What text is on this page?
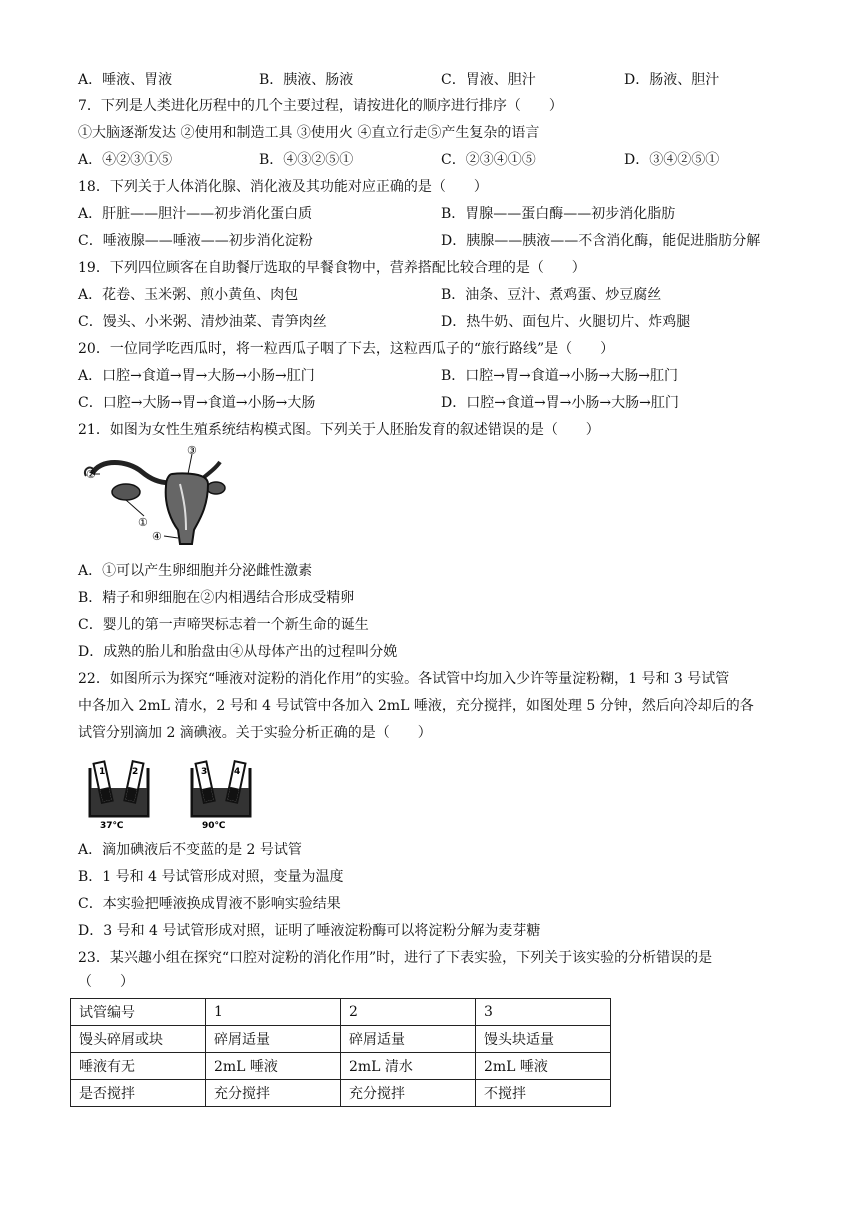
A．唾液、胃液	B．胰液、肠液	C．胃液、胆汁	D．肠液、胆汁
7．下列是人类进化历程中的几个主要过程，请按进化的顺序进行排序（　　）
①大脑逐渐发达 ②使用和制造工具 ③使用火 ④直立行走⑤产生复杂的语言
A．④②③①⑤	B．④③②⑤①	C．②③④①⑤	D．③④②⑤①
18．下列关于人体消化腺、消化液及其功能对应正确的是（　　）
A．肝脏——胆汁——初步消化蛋白质	B．胃腺——蛋白酶——初步消化脂肪
C．唾液腺——唾液——初步消化淀粉	D．胰腺——胰液——不含消化酶，能促进脂肪分解
19．下列四位顾客在自助餐厅选取的早餐食物中，营养搭配比较合理的是（　　）
A．花卷、玉米粥、煎小黄鱼、肉包	B．油条、豆汁、煮鸡蛋、炒豆腐丝
C．馒头、小米粥、清炒油菜、青笋肉丝	D．热牛奶、面包片、火腿切片、炸鸡腿
20．一位同学吃西瓜时，将一粒西瓜子咽了下去，这粒西瓜子的“旅行路线”是（　　）
A．口腔→食道→胃→大肠→小肠→肛门	B．口腔→胃→食道→小肠→大肠→肛门
C．口腔→大肠→胃→食道→小肠→大肠	D．口腔→食道→胃→小肠→大肠→肛门
21．如图为女性生殖系统结构模式图。下列关于人胚胎发育的叙述错误的是（　　）
②
③
①
④
A．①可以产生卵细胞并分泌雌性激素
B．精子和卵细胞在②内相遇结合形成受精卵
C．婴儿的第一声啼哭标志着一个新生命的诞生
D．成熟的胎儿和胎盘由④从母体产出的过程叫分娩
22．如图所示为探究“唾液对淀粉的消化作用”的实验。各试管中均加入少许等量淀粉糊，1 号和 3 号试管
中各加入 2mL 清水，2 号和 4 号试管中各加入 2mL 唾液，充分搅拌，如图处理 5 分钟，然后向冷却后的各
试管分别滴加 2 滴碘液。关于实验分析正确的是（　　）
1	2
37℃
3	4
90℃
A．滴加碘液后不变蓝的是 2 号试管
B．1 号和 4 号试管形成对照，变量为温度
C．本实验把唾液换成胃液不影响实验结果
D．3 号和 4 号试管形成对照，证明了唾液淀粉酶可以将淀粉分解为麦芽糖
23．某兴趣小组在探究“口腔对淀粉的消化作用”时，进行了下表实验，下列关于该实验的分析错误的是
（　　）
试管编号	1	2	3
馒头碎屑或块	碎屑适量	碎屑适量	馒头块适量
唾液有无	2mL 唾液	2mL 清水	2mL 唾液
是否搅拌	充分搅拌	充分搅拌	不搅拌
